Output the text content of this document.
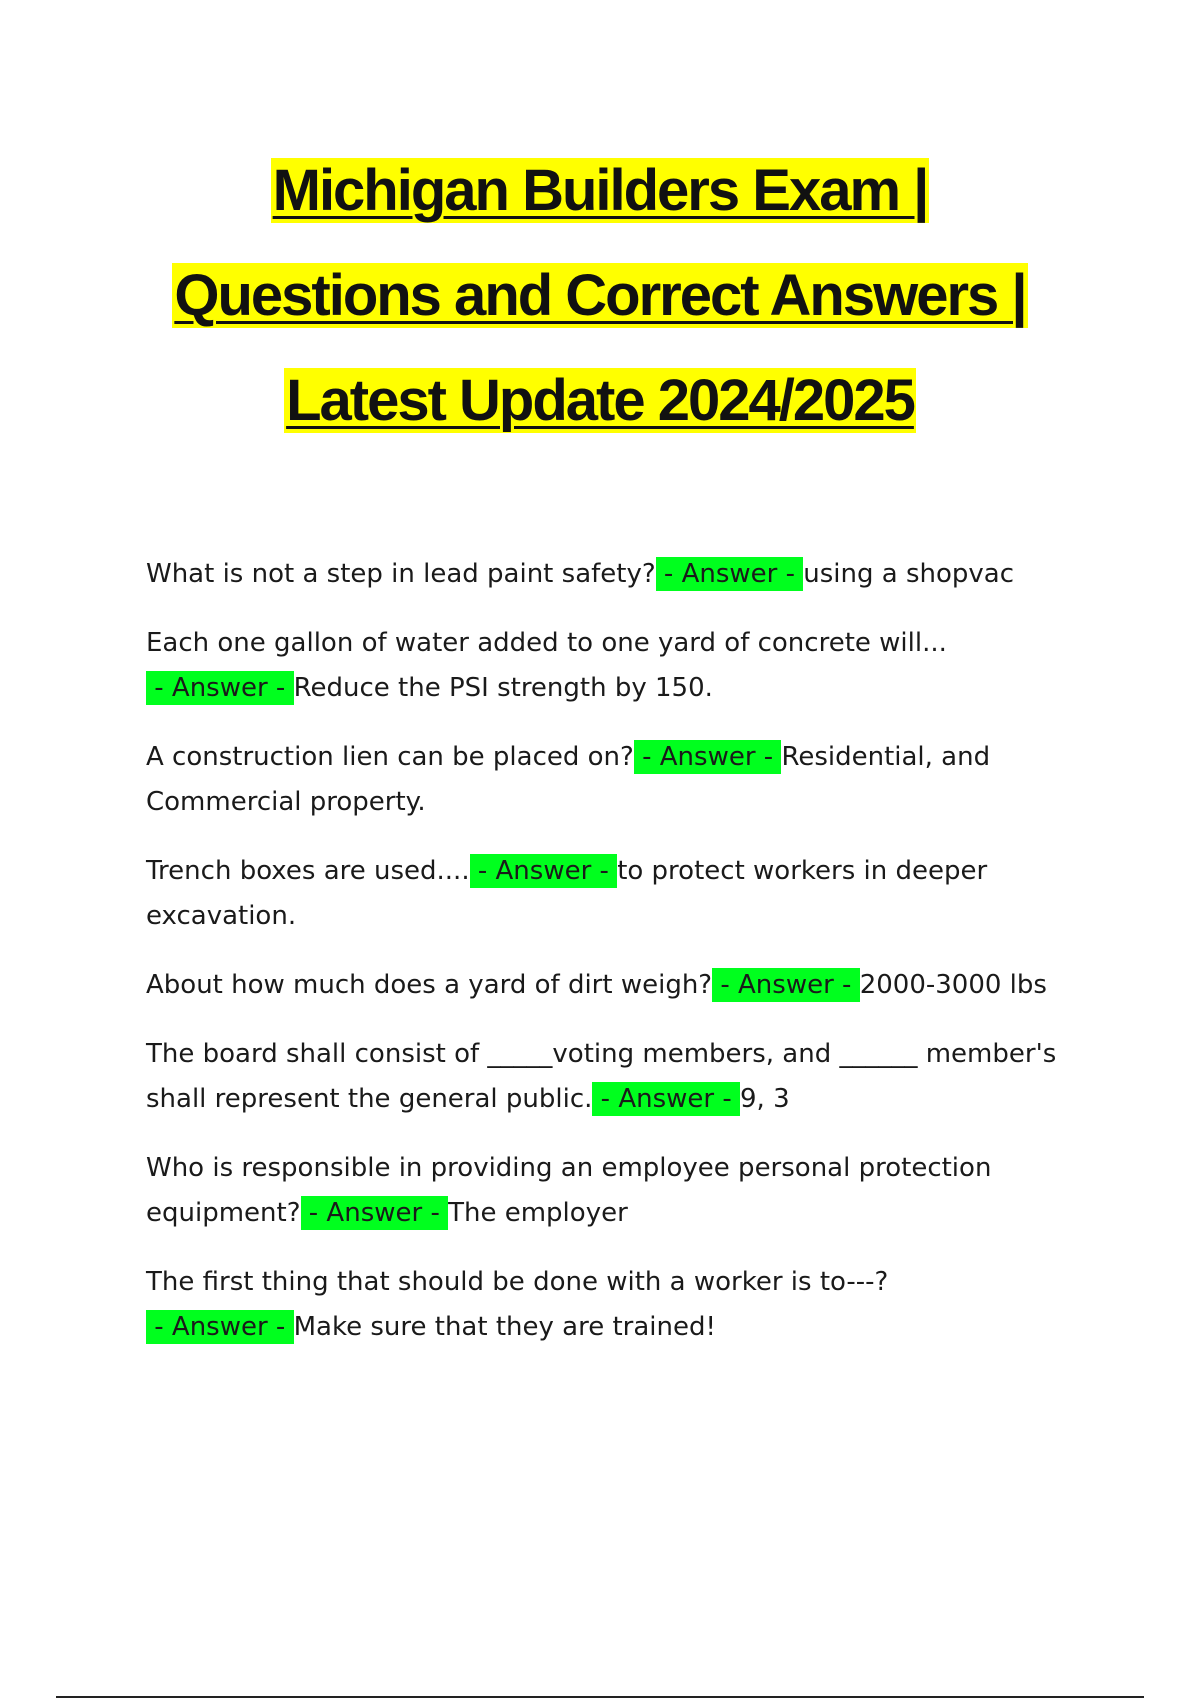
Michigan Builders Exam |
Questions and Correct Answers |
Latest Update 2024/2025

What is not a step in lead paint safety? - Answer - using a shopvac

Each one gallon of water added to one yard of concrete will... - Answer - Reduce the PSI strength by 150.

A construction lien can be placed on? - Answer - Residential, and Commercial property.

Trench boxes are used.... - Answer - to protect workers in deeper excavation.

About how much does a yard of dirt weigh? - Answer - 2000-3000 lbs

The board shall consist of _____voting members, and ______ member's shall represent the general public. - Answer - 9, 3

Who is responsible in providing an employee personal protection equipment? - Answer - The employer

The first thing that should be done with a worker is to---? - Answer - Make sure that they are trained!
